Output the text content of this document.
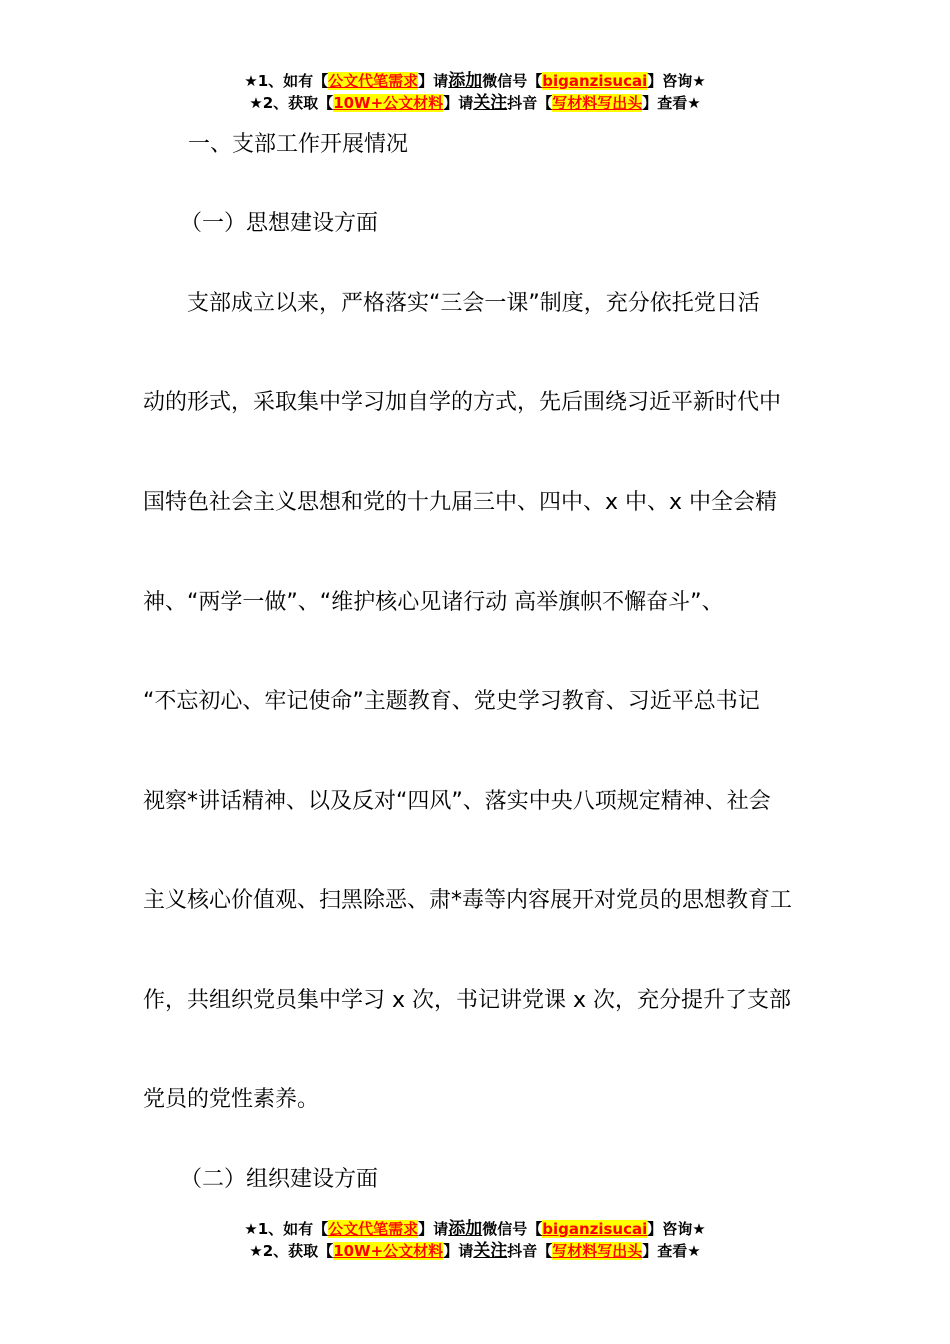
★1、如有【公文代笔需求】请添加微信号【biganzisucai】咨询★
★2、获取【10W+公文材料】请关注抖音【写材料写出头】查看★
一、支部工作开展情况
（一）思想建设方面
　　支部成立以来，严格落实“三会一课”制度，充分依托党日活
动的形式，采取集中学习加自学的方式，先后围绕习近平新时代中
国特色社会主义思想和党的十九届三中、四中、x 中、x 中全会精
神、“两学一做”、“维护核心见诸行动 高举旗帜不懈奋斗”、
“不忘初心、牢记使命”主题教育、党史学习教育、习近平总书记
视察*讲话精神、以及反对“四风”、落实中央八项规定精神、社会
主义核心价值观、扫黑除恶、肃*毒等内容展开对党员的思想教育工
作，共组织党员集中学习 x 次，书记讲党课 x 次，充分提升了支部
党员的党性素养。
（二）组织建设方面
★1、如有【公文代笔需求】请添加微信号【biganzisucai】咨询★
★2、获取【10W+公文材料】请关注抖音【写材料写出头】查看★
